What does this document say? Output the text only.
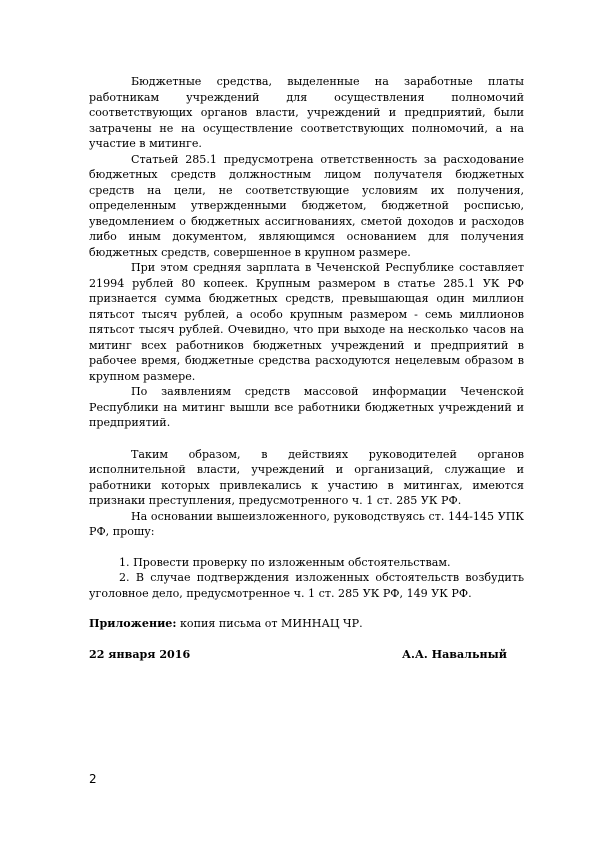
Бюджетные средства, выделенные на заработные платы работникам учреждений для осуществления полномочий соответствующих органов власти, учреждений и предприятий, были затрачены не на осуществление соответствующих полномочий, а на участие в митинге.

Статьей 285.1 предусмотрена ответственность за расходование бюджетных средств должностным лицом получателя бюджетных средств на цели, не соответствующие условиям их получения, определенным утвержденными бюджетом, бюджетной росписью, уведомлением о бюджетных ассигнованиях, сметой доходов и расходов либо иным документом, являющимся основанием для получения бюджетных средств, совершенное в крупном размере.

При этом средняя зарплата в Чеченской Республике составляет 21994 рублей 80 копеек. Крупным размером в статье 285.1 УК РФ признается сумма бюджетных средств, превышающая один миллион пятьсот тысяч рублей, а особо крупным размером - семь миллионов пятьсот тысяч рублей. Очевидно, что при выходе на несколько часов на митинг всех работников бюджетных учреждений и предприятий в рабочее время, бюджетные средства расходуются нецелевым образом в крупном размере.

По заявлениям средств массовой информации Чеченской Республики на митинг вышли все работники бюджетных учреждений и предприятий.

Таким образом, в действиях руководителей органов исполнительной власти, учреждений и организаций, служащие и работники которых привлекались к участию в митингах, имеются признаки преступления, предусмотренного ч. 1 ст. 285 УК РФ.

На основании вышеизложенного, руководствуясь ст. 144-145 УПК РФ, прошу:

1. Провести проверку по изложенным обстоятельствам.
2. В случае подтверждения изложенных обстоятельств возбудить уголовное дело, предусмотренное ч. 1 ст. 285 УК РФ, 149 УК РФ.

Приложение: копия письма от МИННАЦ ЧР.

22 января 2016	А.А. Навальный
2
